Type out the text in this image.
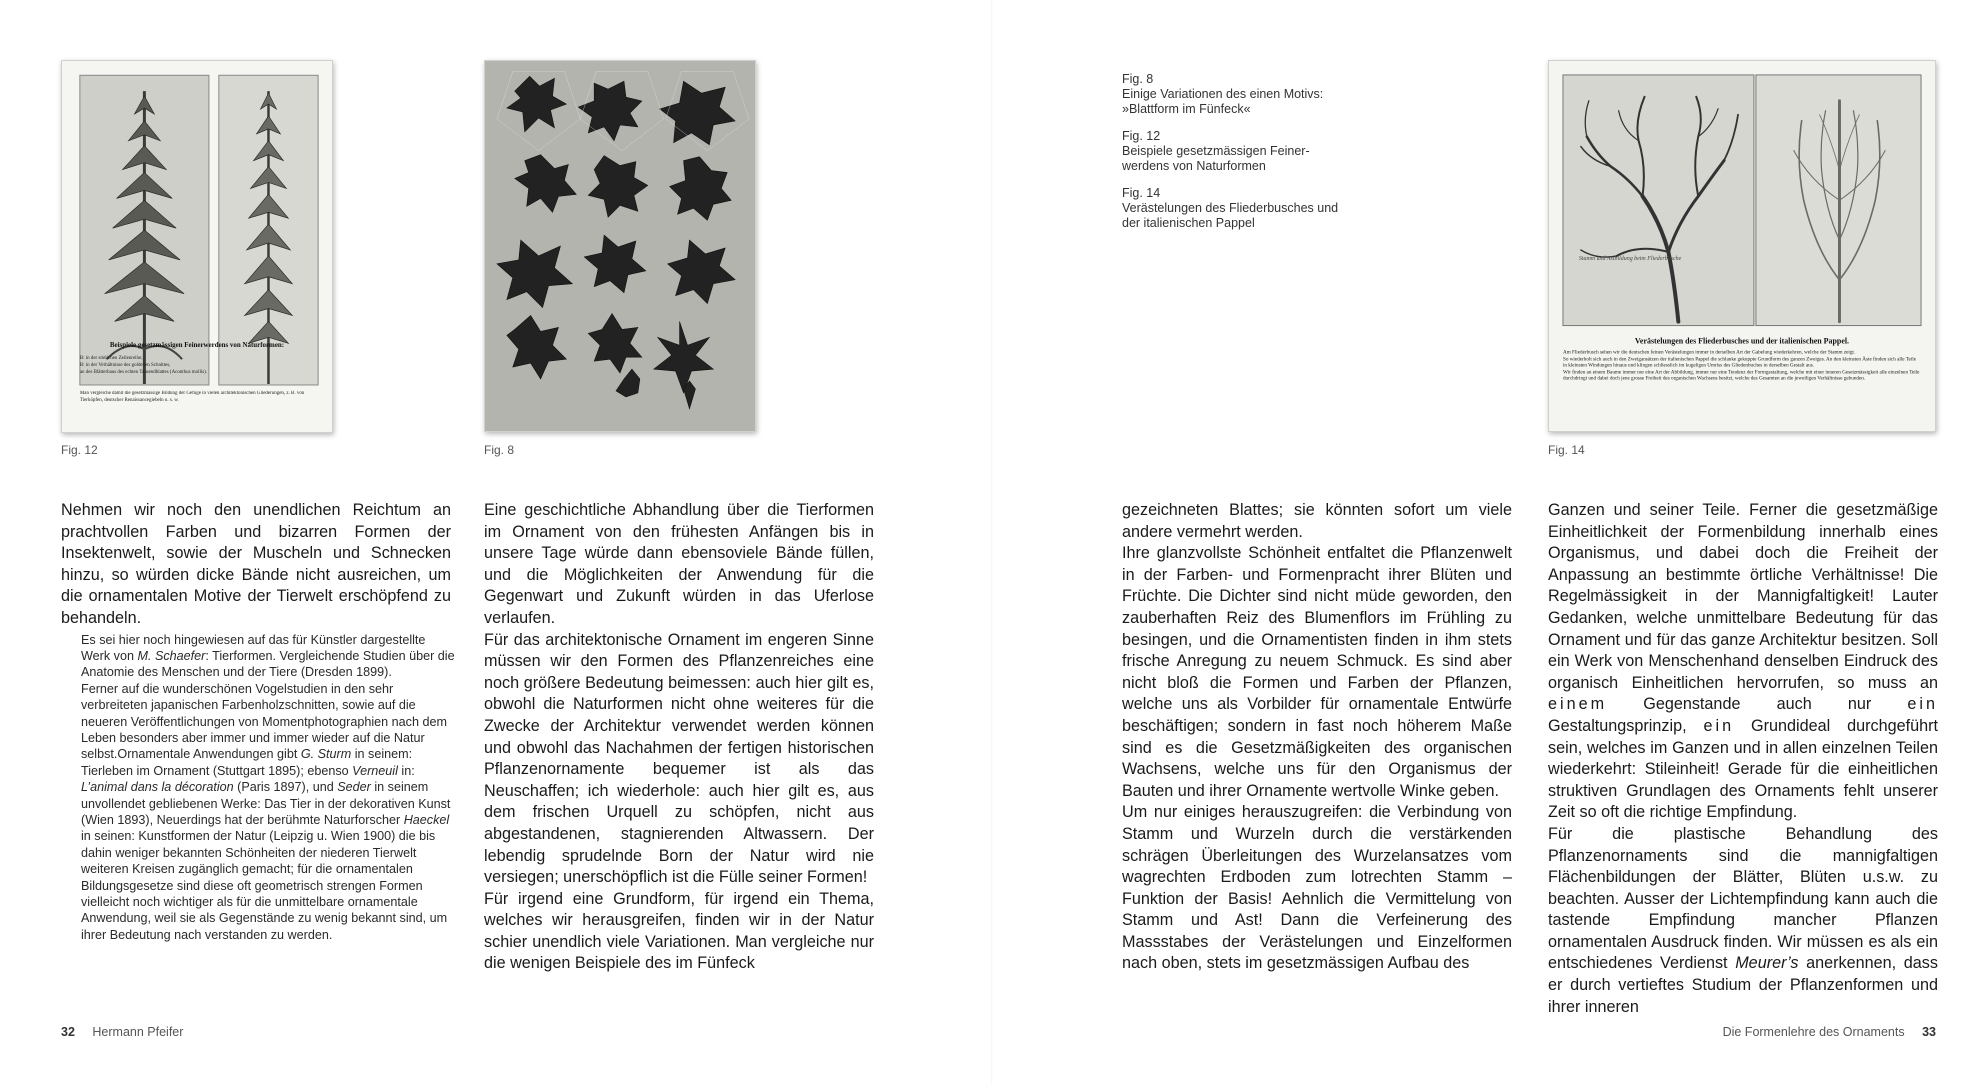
Beispiele gesetzmässigen Feinerwerdens von Naturformen:
B: in der stielichen Zeilenreihe;
B: in der Verhältnisse des goldenen Schnittes,
an des Blätterbaus des echten Tausendblattes (Aconthus mollis).
Man vergleiche damit die gesetzmässige Bildung der Gefüge in vielen architektonischen Gliederungen, z. B. von Tierköpfen, deutscher Renaissancegiebeln u. s. w.
Fig. 12	Fig. 8
Fig. 8
Einige Variationen des einen Motivs: »Blattform im Fünfeck«
Fig. 12
Beispiele gesetzmässigen Feinerwerdens von Naturformen
Fig. 14
Verästelungen des Fliederbusches und der italienischen Pappel
Stamm und Astbildung beim Fliederbusche
Verästelungen des Fliederbusches und der italienischen Pappel.
Am Fliederbusch sehen wir die deutschen feinen Verästelungen immer in derselben Art der Gabelung wiederkehren, welche der Stamm zeigt.
So wiederholt sich auch in den Zweigansätzen der italienischen Pappel die schlanke gekuppte Grundform des ganzen Zweiges. An den kleinsten Äste finden sich alle Teile in kleinsten Windungen hinaus und klingen schliesslich im kugeligen Umriss des Gliedenbuches in derselben Gestalt aus.
Wir finden an einem Baume immer nur eine Art der Abbildung, immer nur eine Tendenz der Formgestaltung, welche mit einer inneren Gesetzmässigkeit alle einzelnen Teile durchdringt und dabei doch jene grosse Freiheit des organischen Wachsens besitzt, welche des Gesamten an die jeweiligen Verhältnisse gebunden.
Fig. 14

Nehmen wir noch den unendlichen Reichtum an prachtvollen Farben und bizarren Formen der Insektenwelt, sowie der Muscheln und Schnecken hinzu, so würden dicke Bände nicht ausreichen, um die ornamentalen Motive der Tierwelt erschöpfend zu behandeln.

Es sei hier noch hingewiesen auf das für Künstler dargestellte Werk von M. Schaefer: Tierformen. Vergleichende Studien über die Anatomie des Menschen und der Tiere (Dresden 1899).
Ferner auf die wunderschönen Vogelstudien in den sehr verbreiteten japanischen Farbenholzschnitten, sowie auf die neueren Veröffentlichungen von Momentphotographien nach dem Leben besonders aber immer und immer wieder auf die Natur selbst.Ornamentale Anwendungen gibt G. Sturm in seinem: Tierleben im Ornament (Stuttgart 1895); ebenso Verneuil in: L’animal dans la décoration (Paris 1897), und Seder in seinem unvollendet gebliebenen Werke: Das Tier in der dekorativen Kunst (Wien 1893), Neuerdings hat der berühmte Naturforscher Haeckel in seinen: Kunstformen der Natur (Leipzig u. Wien 1900) die bis dahin weniger bekannten Schönheiten der niederen Tierwelt weiteren Kreisen zugänglich gemacht; für die ornamentalen Bildungsgesetze sind diese oft geometrisch strengen Formen vielleicht noch wichtiger als für die unmittelbare ornamentale Anwendung, weil sie als Gegenstände zu wenig bekannt sind, um ihrer Bedeutung nach verstanden zu werden.

Eine geschichtliche Abhandlung über die Tierformen im Ornament von den frühesten Anfängen bis in unsere Tage würde dann ebensoviele Bände füllen, und die Möglichkeiten der Anwendung für die Gegenwart und Zukunft würden in das Uferlose verlaufen.

Für das architektonische Ornament im engeren Sinne müssen wir den Formen des Pflanzenreiches eine noch größere Bedeutung beimessen: auch hier gilt es, obwohl die Naturformen nicht ohne weiteres für die Zwecke der Architektur verwendet werden können und obwohl das Nachahmen der fertigen historischen Pflanzenornamente bequemer ist als das Neuschaffen; ich wiederhole: auch hier gilt es, aus dem frischen Urquell zu schöpfen, nicht aus abgestandenen, stagnierenden Altwassern. Der lebendig sprudelnde Born der Natur wird nie versiegen; unerschöpflich ist die Fülle seiner Formen!

Für irgend eine Grundform, für irgend ein Thema, welches wir herausgreifen, finden wir in der Natur schier unendlich viele Variationen. Man vergleiche nur die wenigen Beispiele des im Fünfeck

gezeichneten Blattes; sie könnten sofort um viele andere vermehrt werden.

Ihre glanzvollste Schönheit entfaltet die Pflanzenwelt in der Farben- und Formenpracht ihrer Blüten und Früchte. Die Dichter sind nicht müde geworden, den zauberhaften Reiz des Blumenflors im Frühling zu besingen, und die Ornamentisten finden in ihm stets frische Anregung zu neuem Schmuck. Es sind aber nicht bloß die Formen und Farben der Pflanzen, welche uns als Vorbilder für ornamentale Entwürfe beschäftigen; sondern in fast noch höherem Maße sind es die Gesetzmäßigkeiten des organischen Wachsens, welche uns für den Organismus der Bauten und ihrer Ornamente wertvolle Winke geben.

Um nur einiges herauszugreifen: die Verbindung von Stamm und Wurzeln durch die verstärkenden schrägen Überleitungen des Wurzelansatzes vom wagrechten Erdboden zum lotrechten Stamm – Funktion der Basis! Aehnlich die Vermittelung von Stamm und Ast! Dann die Verfeinerung des Massstabes der Verästelungen und Einzelformen nach oben, stets im gesetzmässigen Aufbau des

Ganzen und seiner Teile. Ferner die gesetzmäßige Einheitlichkeit der Formenbildung innerhalb eines Organismus, und dabei doch die Freiheit der Anpassung an bestimmte örtliche Verhältnisse! Die Regelmässigkeit in der Mannigfaltigkeit! Lauter Gedanken, welche unmittelbare Bedeutung für das Ornament und für das ganze Architektur besitzen. Soll ein Werk von Menschenhand denselben Eindruck des organisch Einheitlichen hervorrufen, so muss an einem Gegenstande auch nur ein Gestaltungsprinzip, ein Grundideal durchgeführt sein, welches im Ganzen und in allen einzelnen Teilen wiederkehrt: Stileinheit! Gerade für die einheitlichen struktiven Grundlagen des Ornaments fehlt unserer Zeit so oft die richtige Empfindung.

Für die plastische Behandlung des Pflanzenornaments sind die mannigfaltigen Flächenbildungen der Blätter, Blüten u.s.w. zu beachten. Ausser der Lichtempfindung kann auch die tastende Empfindung mancher Pflanzen ornamentalen Ausdruck finden. Wir müssen es als ein entschiedenes Verdienst Meurer’s anerkennen, dass er durch vertieftes Studium der Pflanzenformen und ihrer inneren

32 Hermann Pfeifer	Die Formenlehre des Ornaments 33
